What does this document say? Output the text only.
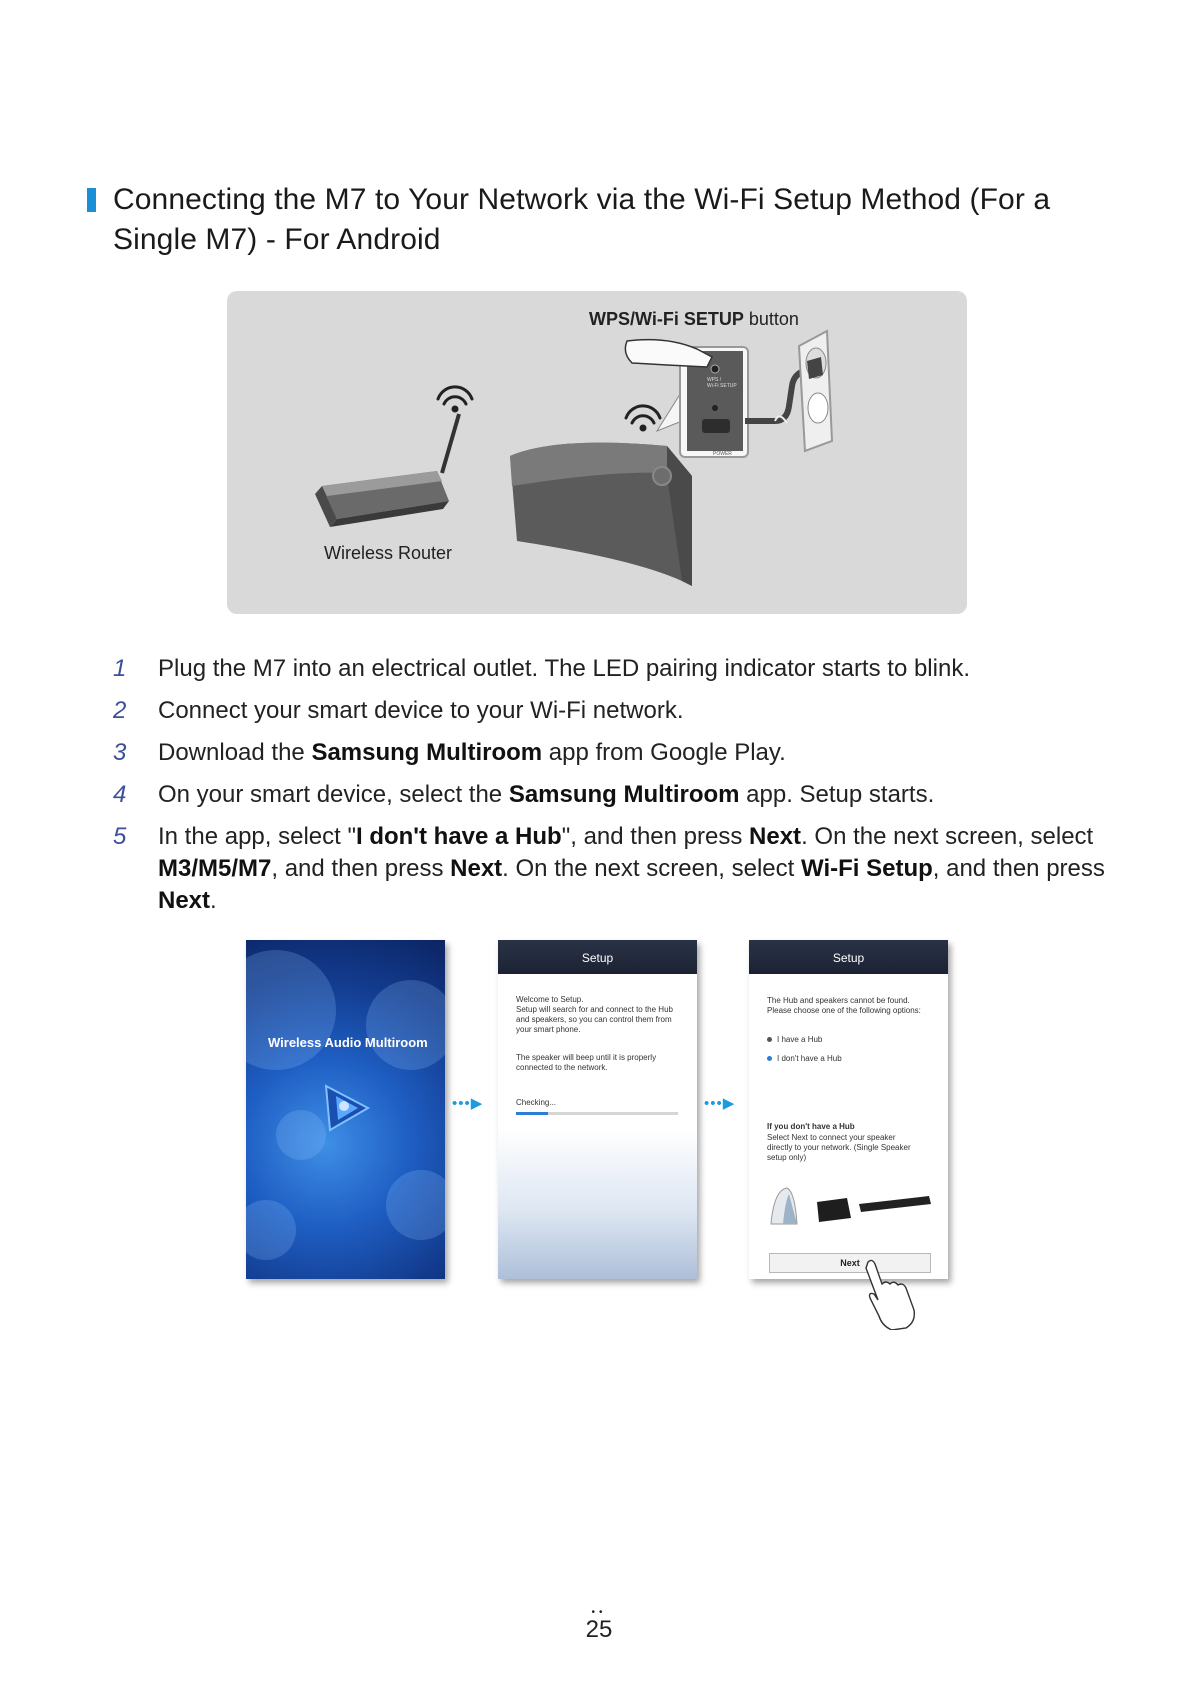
Connecting the M7 to Your Network via the Wi-Fi Setup Method (For a
Single M7) - For Android
WPS/Wi-Fi SETUP button
Wireless Router
WPS /
Wi-Fi SETUP
POWER
1 Plug the M7 into an electrical outlet. The LED pairing indicator starts to blink.
2 Connect your smart device to your Wi-Fi network.
3 Download the Samsung Multiroom app from Google Play.
4 On your smart device, select the Samsung Multiroom app. Setup starts.
5 In the app, select "I don't have a Hub", and then press Next. On the next screen, select M3/M5/M7, and then press Next. On the next screen, select Wi-Fi Setup, and then press Next.
Wireless Audio Multiroom
•••▶
Setup
Welcome to Setup.
Setup will search for and connect to the Hub and speakers, so you can control them from your smart phone.
The speaker will beep until it is properly connected to the network.
Checking...	•••▶
Setup
The Hub and speakers cannot be found. Please choose one of the following options:
I have a Hub
I don't have a Hub
If you don't have a Hub
Select Next to connect your speaker directly to your network. (Single Speaker setup only)
Next
••
25
